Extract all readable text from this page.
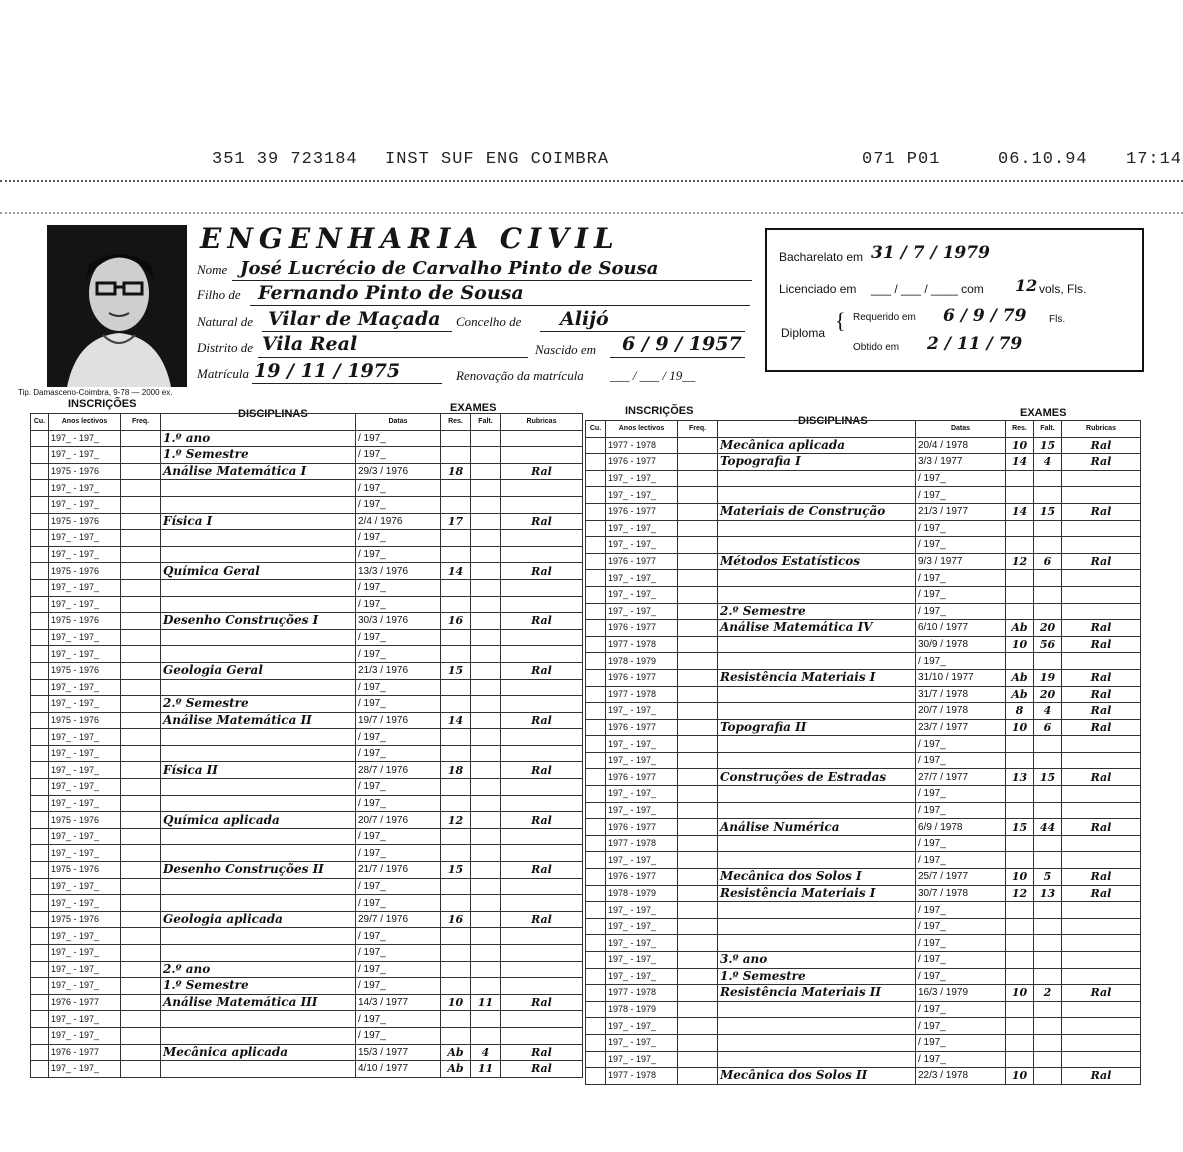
351 39 723184 INST SUF ENG COIMBRA	071 P01	06.10.94 17:14
Tip. Damasceno-Coimbra, 9-78 — 2000 ex.
ENGENHARIA CIVIL
Nome José Lucrécio de Carvalho Pinto de Sousa
Filho de Fernando Pinto de Sousa
Natural de Vilar de Maçada Concelho de Alijó
Distrito de Vila Real	Nascido em 6 / 9 / 1957
Matrícula 19 / 11 / 1975	Renovação da matrícula ___ / ___ / 19__
Bacharelato em 31 / 7 / 1979
Licenciado em ___ / ___ / ____ com 12 vols, Fls.
Diploma { Requerido em 6 / 9 / 79 Fls.
Obtido em 2 / 11 / 79
INSCRIÇÕES
DISCIPLINAS	EXAMES	INSCRIÇÕES
DISCIPLINAS
EXAMES
Cu.	Anos lectivos	Freq.		Datas	Res.	Falt.	Rubricas
	197_ - 197_		1.º ano	/ 197_			
	197_ - 197_		1.º Semestre	/ 197_			
	1975 - 1976		Análise Matemática I	29/3 / 1976	18		Ral
	197_ - 197_			/ 197_			
	197_ - 197_			/ 197_			
	1975 - 1976		Física I	2/4 / 1976	17		Ral
	197_ - 197_			/ 197_			
	197_ - 197_			/ 197_			
	1975 - 1976		Química Geral	13/3 / 1976	14		Ral
	197_ - 197_			/ 197_			
	197_ - 197_			/ 197_			
	1975 - 1976		Desenho Construções I	30/3 / 1976	16		Ral
	197_ - 197_			/ 197_			
	197_ - 197_			/ 197_			
	1975 - 1976		Geologia Geral	21/3 / 1976	15		Ral
	197_ - 197_			/ 197_			
	197_ - 197_		2.º Semestre	/ 197_			
	1975 - 1976		Análise Matemática II	19/7 / 1976	14		Ral
	197_ - 197_			/ 197_			
	197_ - 197_			/ 197_			
	197_ - 197_		Física II	28/7 / 1976	18		Ral
	197_ - 197_			/ 197_			
	197_ - 197_			/ 197_			
	1975 - 1976		Química aplicada	20/7 / 1976	12		Ral
	197_ - 197_			/ 197_			
	197_ - 197_			/ 197_			
	1975 - 1976		Desenho Construções II	21/7 / 1976	15		Ral
	197_ - 197_			/ 197_			
	197_ - 197_			/ 197_			
	1975 - 1976		Geologia aplicada	29/7 / 1976	16		Ral
	197_ - 197_			/ 197_			
	197_ - 197_			/ 197_			
	197_ - 197_		2.º ano	/ 197_			
	197_ - 197_		1.º Semestre	/ 197_			
	1976 - 1977		Análise Matemática III	14/3 / 1977	10	11	Ral
	197_ - 197_			/ 197_			
	197_ - 197_			/ 197_			
	1976 - 1977		Mecânica aplicada	15/3 / 1977	Ab	4	Ral
	197_ - 197_			4/10 / 1977	Ab	11	Ral
Cu.	Anos lectivos	Freq.		Datas	Res.	Falt.	Rubricas
	1977 - 1978		Mecânica aplicada	20/4 / 1978	10	15	Ral
	1976 - 1977		Topografia I	3/3 / 1977	14	4	Ral
	197_ - 197_			/ 197_			
	197_ - 197_			/ 197_			
	1976 - 1977		Materiais de Construção	21/3 / 1977	14	15	Ral
	197_ - 197_			/ 197_			
	197_ - 197_			/ 197_			
	1976 - 1977		Métodos Estatísticos	9/3 / 1977	12	6	Ral
	197_ - 197_			/ 197_			
	197_ - 197_			/ 197_			
	197_ - 197_		2.º Semestre	/ 197_			
	1976 - 1977		Análise Matemática IV	6/10 / 1977	Ab	20	Ral
	1977 - 1978			30/9 / 1978	10	56	Ral
	1978 - 1979			/ 197_			
	1976 - 1977		Resistência Materiais I	31/10 / 1977	Ab	19	Ral
	1977 - 1978			31/7 / 1978	Ab	20	Ral
	197_ - 197_			20/7 / 1978	8	4	Ral
	1976 - 1977		Topografia II	23/7 / 1977	10	6	Ral
	197_ - 197_			/ 197_			
	197_ - 197_			/ 197_			
	1976 - 1977		Construções de Estradas	27/7 / 1977	13	15	Ral
	197_ - 197_			/ 197_			
	197_ - 197_			/ 197_			
	1976 - 1977		Análise Numérica	6/9 / 1978	15	44	Ral
	1977 - 1978			/ 197_			
	197_ - 197_			/ 197_			
	1976 - 1977		Mecânica dos Solos I	25/7 / 1977	10	5	Ral
	1978 - 1979		Resistência Materiais I	30/7 / 1978	12	13	Ral
	197_ - 197_			/ 197_			
	197_ - 197_			/ 197_			
	197_ - 197_			/ 197_			
	197_ - 197_		3.º ano	/ 197_			
	197_ - 197_		1.º Semestre	/ 197_			
	1977 - 1978		Resistência Materiais II	16/3 / 1979	10	2	Ral
	1978 - 1979			/ 197_			
	197_ - 197_			/ 197_			
	197_ - 197_			/ 197_			
	197_ - 197_			/ 197_			
	1977 - 1978		Mecânica dos Solos II	22/3 / 1978	10		Ral
